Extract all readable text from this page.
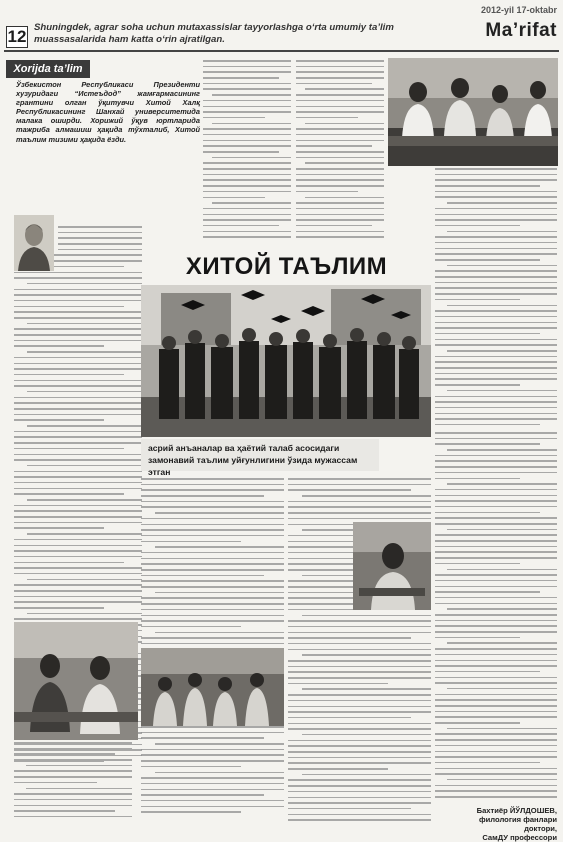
2012-yil 17-oktabr
12 Shuningdek, agrar soha uchun mutaxassislar tayyorlashga o‘rta umumiy ta’lim muassasalarida ham katta o‘rin ajratilgan.	Ma’rifat
Xorijda ta’lim
Ўзбекистон Республикаси Президенти хузуридаги “Истеъдод” жамғармасининг грантини олган ўқитувчи Хитой Халқ Республикасининг Шанхай университетида малака оширди. Хорижий ўқув юртларида тажриба алмашиш ҳақида тўхталиб, Хитой таълим тизими ҳақида ёзди.
ХИТОЙ ТАЪЛИМ
асрий анъаналар ва ҳаётий талаб асосидаги замонавий таълим уйғунлигини ўзида мужассам этган
Бахтиёр ЙЎЛДОШЕВ,
филология фанлари доктори,
СамДУ профессори
